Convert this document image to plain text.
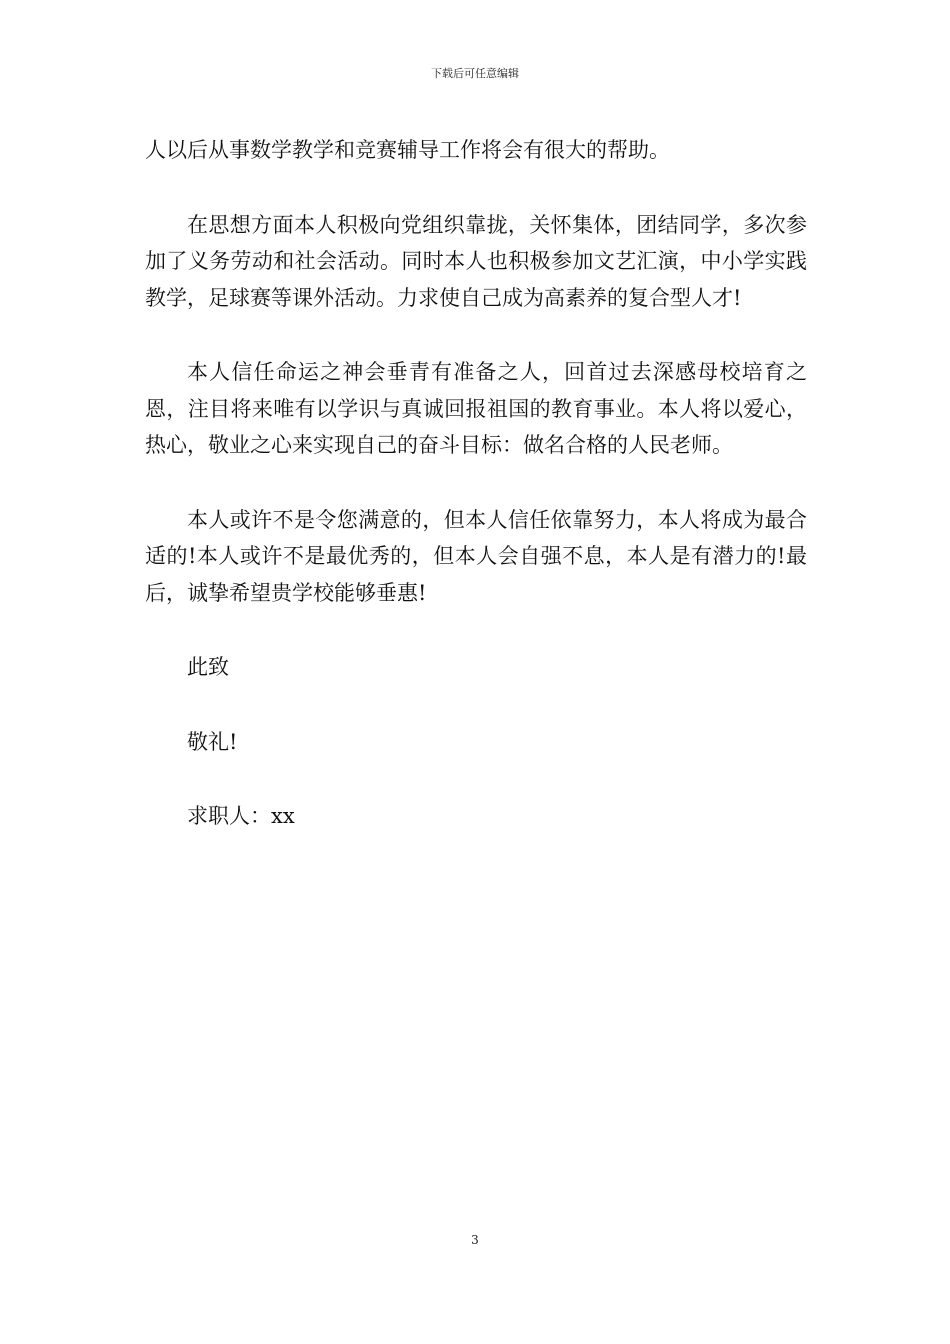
下载后可任意编辑

人以后从事数学教学和竞赛辅导工作将会有很大的帮助。

在思想方面本人积极向党组织靠拢，关怀集体，团结同学，多次参加了义务劳动和社会活动。同时本人也积极参加文艺汇演，中小学实践教学，足球赛等课外活动。力求使自己成为高素养的复合型人才!

本人信任命运之神会垂青有准备之人，回首过去深感母校培育之恩，注目将来唯有以学识与真诚回报祖国的教育事业。本人将以爱心，热心，敬业之心来实现自己的奋斗目标：做名合格的人民老师。

本人或许不是令您满意的，但本人信任依靠努力，本人将成为最合适的!本人或许不是最优秀的，但本人会自强不息，本人是有潜力的!最后，诚挚希望贵学校能够垂惠!

此致

敬礼!

求职人：xx

3
